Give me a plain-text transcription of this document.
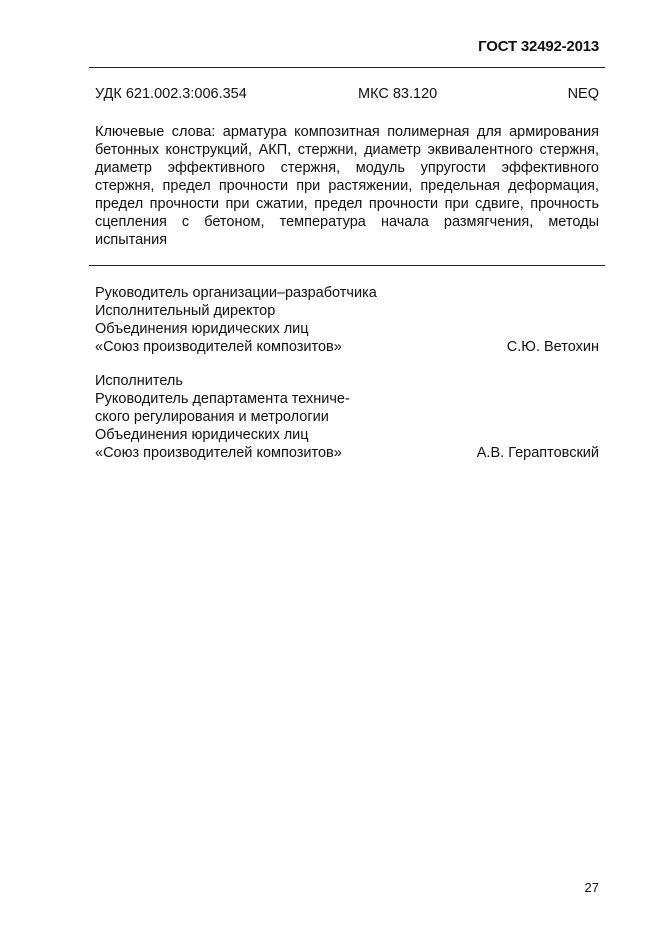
ГОСТ 32492-2013
УДК 621.002.3:006.354	МКС 83.120	NEQ
Ключевые слова: арматура композитная полимерная для армирования бетонных конструкций, АКП, стержни, диаметр эквивалентного стержня, диаметр эффективного стержня, модуль упругости эффективного стержня, предел прочности при растяжении, предельная деформация, предел прочности при сжатии, предел прочности при сдвиге, прочность сцепления с бетоном, температура начала размягчения, методы испытания
Руководитель организации–разработчика
Исполнительный директор
Объединения юридических лиц
«Союз производителей композитов»	С.Ю. Ветохин
Исполнитель
Руководитель департамента техниче-
ского регулирования и метрологии
Объединения юридических лиц
«Союз производителей композитов»	А.В. Гераптовский
27
